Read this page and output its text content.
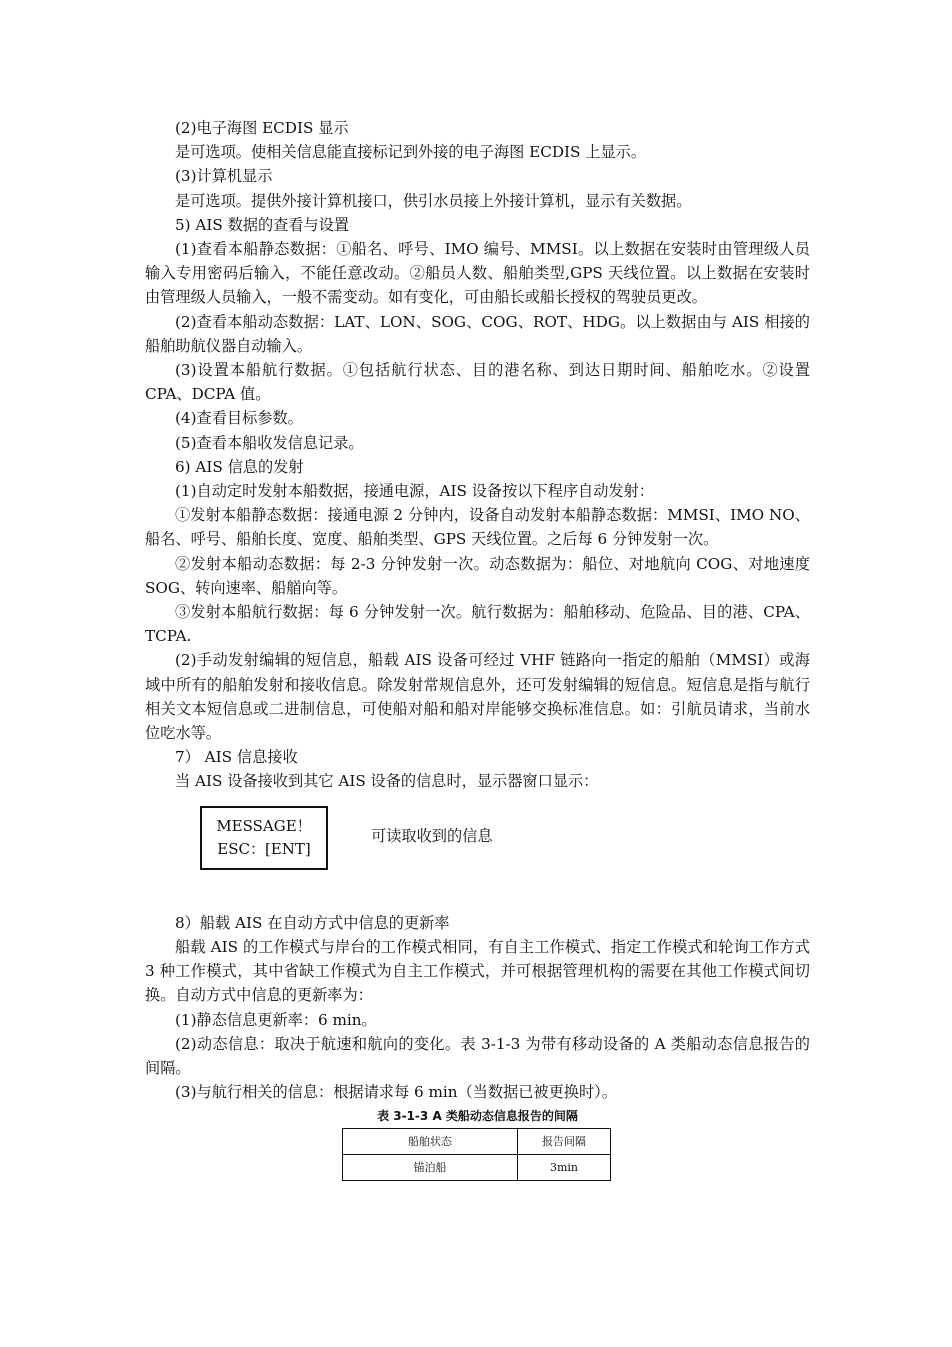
(2)电子海图 ECDIS 显示

是可选项。使相关信息能直接标记到外接的电子海图 ECDIS 上显示。

(3)计算机显示

是可选项。提供外接计算机接口，供引水员接上外接计算机，显示有关数据。

5) AIS 数据的查看与设置

(1)查看本船静态数据：①船名、呼号、IMO 编号、MMSI。以上数据在安装时由管理级人员输入专用密码后输入，不能任意改动。②船员人数、船舶类型,GPS 天线位置。以上数据在安装时由管理级人员输入，一般不需变动。如有变化，可由船长或船长授权的驾驶员更改。

(2)查看本船动态数据：LAT、LON、SOG、COG、ROT、HDG。以上数据由与 AIS 相接的船舶助航仪器自动输入。

(3)设置本船航行数据。①包括航行状态、目的港名称、到达日期时间、船舶吃水。②设置 CPA、DCPA 值。

(4)查看目标参数。

(5)查看本船收发信息记录。

6) AIS 信息的发射

(1)自动定时发射本船数据，接通电源，AIS 设备按以下程序自动发射：

①发射本船静态数据：接通电源 2 分钟内，设备自动发射本船静态数据：MMSI、IMO NO、船名、呼号、船舶长度、宽度、船舶类型、GPS 天线位置。之后每 6 分钟发射一次。

②发射本船动态数据：每 2-3 分钟发射一次。动态数据为：船位、对地航向 COG、对地速度 SOG、转向速率、船艏向等。

③发射本船航行数据：每 6 分钟发射一次。航行数据为：船舶移动、危险品、目的港、CPA、TCPA.

(2)手动发射编辑的短信息，船载 AIS 设备可经过 VHF 链路向一指定的船舶（MMSI）或海域中所有的船舶发射和接收信息。除发射常规信息外，还可发射编辑的短信息。短信息是指与航行相关文本短信息或二进制信息，可使船对船和船对岸能够交换标准信息。如：引航员请求，当前水位吃水等。

7） AIS 信息接收

当 AIS 设备接收到其它 AIS 设备的信息时，显示器窗口显示：

MESSAGE！
ESC：[ENT]
可读取收到的信息

8）船载 AIS 在自动方式中信息的更新率

船载 AIS 的工作模式与岸台的工作模式相同，有自主工作模式、指定工作模式和轮询工作方式 3 种工作模式，其中省缺工作模式为自主工作模式，并可根据管理机构的需要在其他工作模式间切换。自动方式中信息的更新率为：

(1)静态信息更新率：6 min。

(2)动态信息：取决于航速和航向的变化。表 3-1-3 为带有移动设备的 A 类船动态信息报告的间隔。

(3)与航行相关的信息：根据请求每 6 min（当数据已被更换时）。

表 3-1-3 A 类船动态信息报告的间隔
船舶状态	报告间隔
锚泊船	3min
